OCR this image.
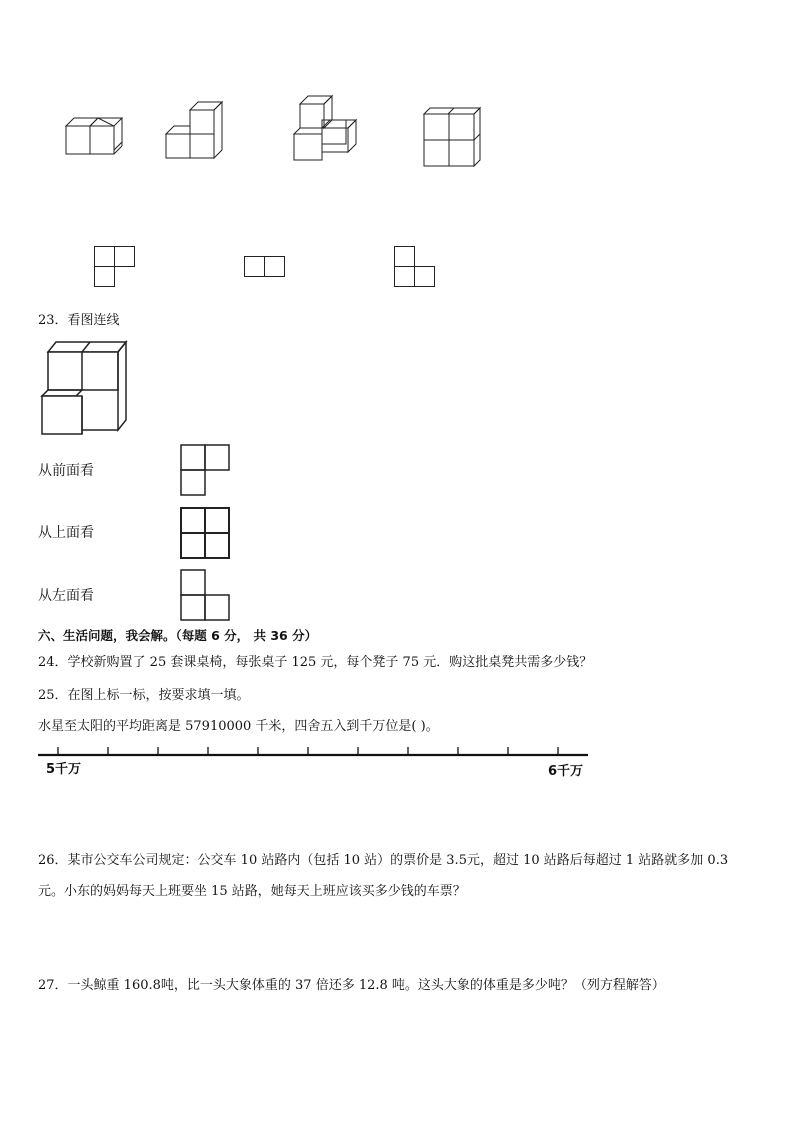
23．看图连线
从前面看
从上面看
从左面看
六、生活问题，我会解。（每题 6 分， 共 36 分）
24．学校新购置了 25 套课桌椅，每张桌子 125 元，每个凳子 75 元．购这批桌凳共需多少钱？
25．在图上标一标，按要求填一填。
水星至太阳的平均距离是 57910000 千米，四舍五入到千万位是( )。
5千万	6千万
26．某市公交车公司规定：公交车 10 站路内（包括 10 站）的票价是 3.5元，超过 10 站路后每超过 1 站路就多加 0.3
元。小东的妈妈每天上班要坐 15 站路，她每天上班应该买多少钱的车票？
27．一头鲸重 160.8吨，比一头大象体重的 37 倍还多 12.8 吨。这头大象的体重是多少吨？（列方程解答）
